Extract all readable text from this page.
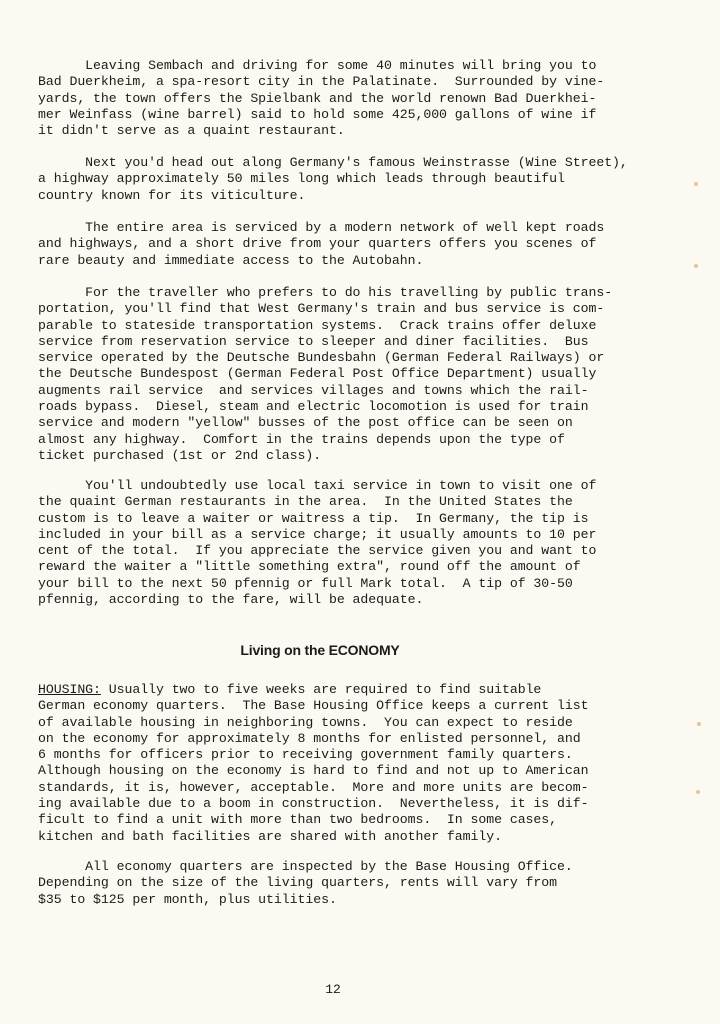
Leaving Sembach and driving for some 40 minutes will bring you to
Bad Duerkheim, a spa-resort city in the Palatinate.  Surrounded by vine-
yards, the town offers the Spielbank and the world renown Bad Duerkhei-
mer Weinfass (wine barrel) said to hold some 425,000 gallons of wine if
it didn't serve as a quaint restaurant.

Next you'd head out along Germany's famous Weinstrasse (Wine Street),
a highway approximately 50 miles long which leads through beautiful
country known for its viticulture.

The entire area is serviced by a modern network of well kept roads
and highways, and a short drive from your quarters offers you scenes of
rare beauty and immediate access to the Autobahn.

For the traveller who prefers to do his travelling by public trans-
portation, you'll find that West Germany's train and bus service is com-
parable to stateside transportation systems.  Crack trains offer deluxe
service from reservation service to sleeper and diner facilities.  Bus
service operated by the Deutsche Bundesbahn (German Federal Railways) or
the Deutsche Bundespost (German Federal Post Office Department) usually
augments rail service  and services villages and towns which the rail-
roads bypass.  Diesel, steam and electric locomotion is used for train
service and modern "yellow" busses of the post office can be seen on
almost any highway.  Comfort in the trains depends upon the type of
ticket purchased (1st or 2nd class).

You'll undoubtedly use local taxi service in town to visit one of
the quaint German restaurants in the area.  In the United States the
custom is to leave a waiter or waitress a tip.  In Germany, the tip is
included in your bill as a service charge; it usually amounts to 10 per
cent of the total.  If you appreciate the service given you and want to
reward the waiter a "little something extra", round off the amount of
your bill to the next 50 pfennig or full Mark total.  A tip of 30-50
pfennig, according to the fare, will be adequate.

Living on the ECONOMY

HOUSING: Usually two to five weeks are required to find suitable
German economy quarters.  The Base Housing Office keeps a current list
of available housing in neighboring towns.  You can expect to reside
on the economy for approximately 8 months for enlisted personnel, and
6 months for officers prior to receiving government family quarters.
Although housing on the economy is hard to find and not up to American
standards, it is, however, acceptable.  More and more units are becom-
ing available due to a boom in construction.  Nevertheless, it is dif-
ficult to find a unit with more than two bedrooms.  In some cases,
kitchen and bath facilities are shared with another family.

All economy quarters are inspected by the Base Housing Office.
Depending on the size of the living quarters, rents will vary from
$35 to $125 per month, plus utilities.

12
